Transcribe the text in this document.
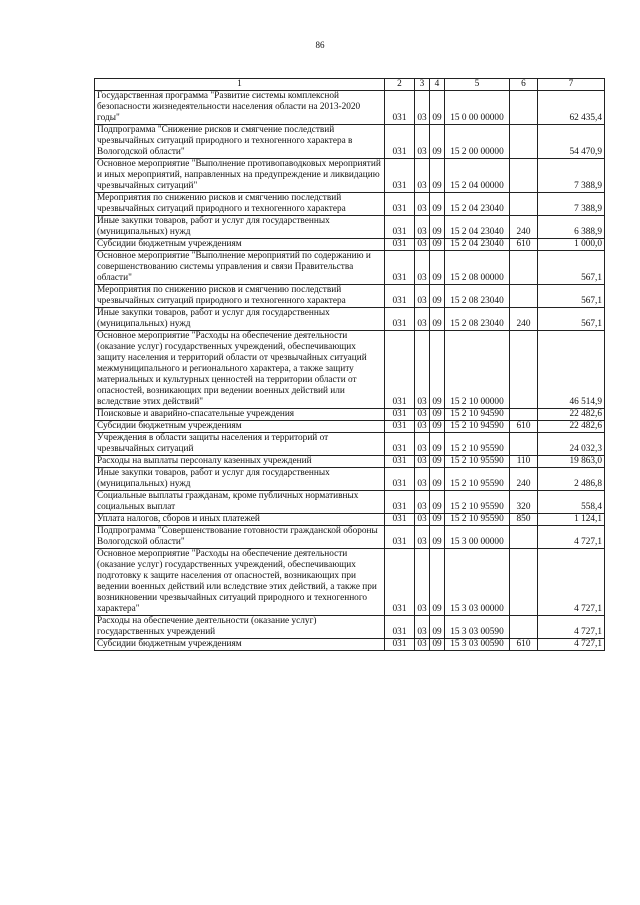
86
1	2	3	4	5	6	7
Государственная программа "Развитие системы комплексной безопасности жизнедеятельности населения области на 2013-2020 годы"	031	03	09	15 0 00 00000		62 435,4
Подпрограмма "Снижение рисков и смягчение последствий чрезвычайных ситуаций природного и техногенного характера в Вологодской области"	031	03	09	15 2 00 00000		54 470,9
Основное мероприятие "Выполнение противопаводковых мероприятий и иных мероприятий, направленных на предупреждение и ликвидацию чрезвычайных ситуаций"	031	03	09	15 2 04 00000		7 388,9
Мероприятия по снижению рисков и смягчению последствий чрезвычайных ситуаций природного и техногенного характера	031	03	09	15 2 04 23040		7 388,9
Иные закупки товаров, работ и услуг для государственных (муниципальных) нужд	031	03	09	15 2 04 23040	240	6 388,9
Субсидии бюджетным учреждениям	031	03	09	15 2 04 23040	610	1 000,0
Основное мероприятие "Выполнение мероприятий по содержанию и совершенствованию системы управления и связи Правительства области"	031	03	09	15 2 08 00000		567,1
Мероприятия по снижению рисков и смягчению последствий чрезвычайных ситуаций природного и техногенного характера	031	03	09	15 2 08 23040		567,1
Иные закупки товаров, работ и услуг для государственных (муниципальных) нужд	031	03	09	15 2 08 23040	240	567,1
Основное мероприятие "Расходы на обеспечение деятельности (оказание услуг) государственных учреждений, обеспечивающих защиту населения и территорий области от чрезвычайных ситуаций межмуниципального и регионального характера, а также защиту материальных и культурных ценностей на территории области от опасностей, возникающих при ведении военных действий или вследствие этих действий"	031	03	09	15 2 10 00000		46 514,9
Поисковые и аварийно-спасательные учреждения	031	03	09	15 2 10 94590		22 482,6
Субсидии бюджетным учреждениям	031	03	09	15 2 10 94590	610	22 482,6
Учреждения в области защиты населения и территорий от чрезвычайных ситуаций	031	03	09	15 2 10 95590		24 032,3
Расходы на выплаты персоналу казенных учреждений	031	03	09	15 2 10 95590	110	19 863,0
Иные закупки товаров, работ и услуг для государственных (муниципальных) нужд	031	03	09	15 2 10 95590	240	2 486,8
Социальные выплаты гражданам, кроме публичных нормативных социальных выплат	031	03	09	15 2 10 95590	320	558,4
Уплата налогов, сборов и иных платежей	031	03	09	15 2 10 95590	850	1 124,1
Подпрограмма "Совершенствование готовности гражданской обороны Вологодской области"	031	03	09	15 3 00 00000		4 727,1
Основное мероприятие "Расходы на обеспечение деятельности (оказание услуг) государственных учреждений, обеспечивающих подготовку к защите населения от опасностей, возникающих при ведении военных действий или вследствие этих действий, а также при возникновении чрезвычайных ситуаций природного и техногенного характера"	031	03	09	15 3 03 00000		4 727,1
Расходы на обеспечение деятельности (оказание услуг) государственных учреждений	031	03	09	15 3 03 00590		4 727,1
Субсидии бюджетным учреждениям	031	03	09	15 3 03 00590	610	4 727,1
